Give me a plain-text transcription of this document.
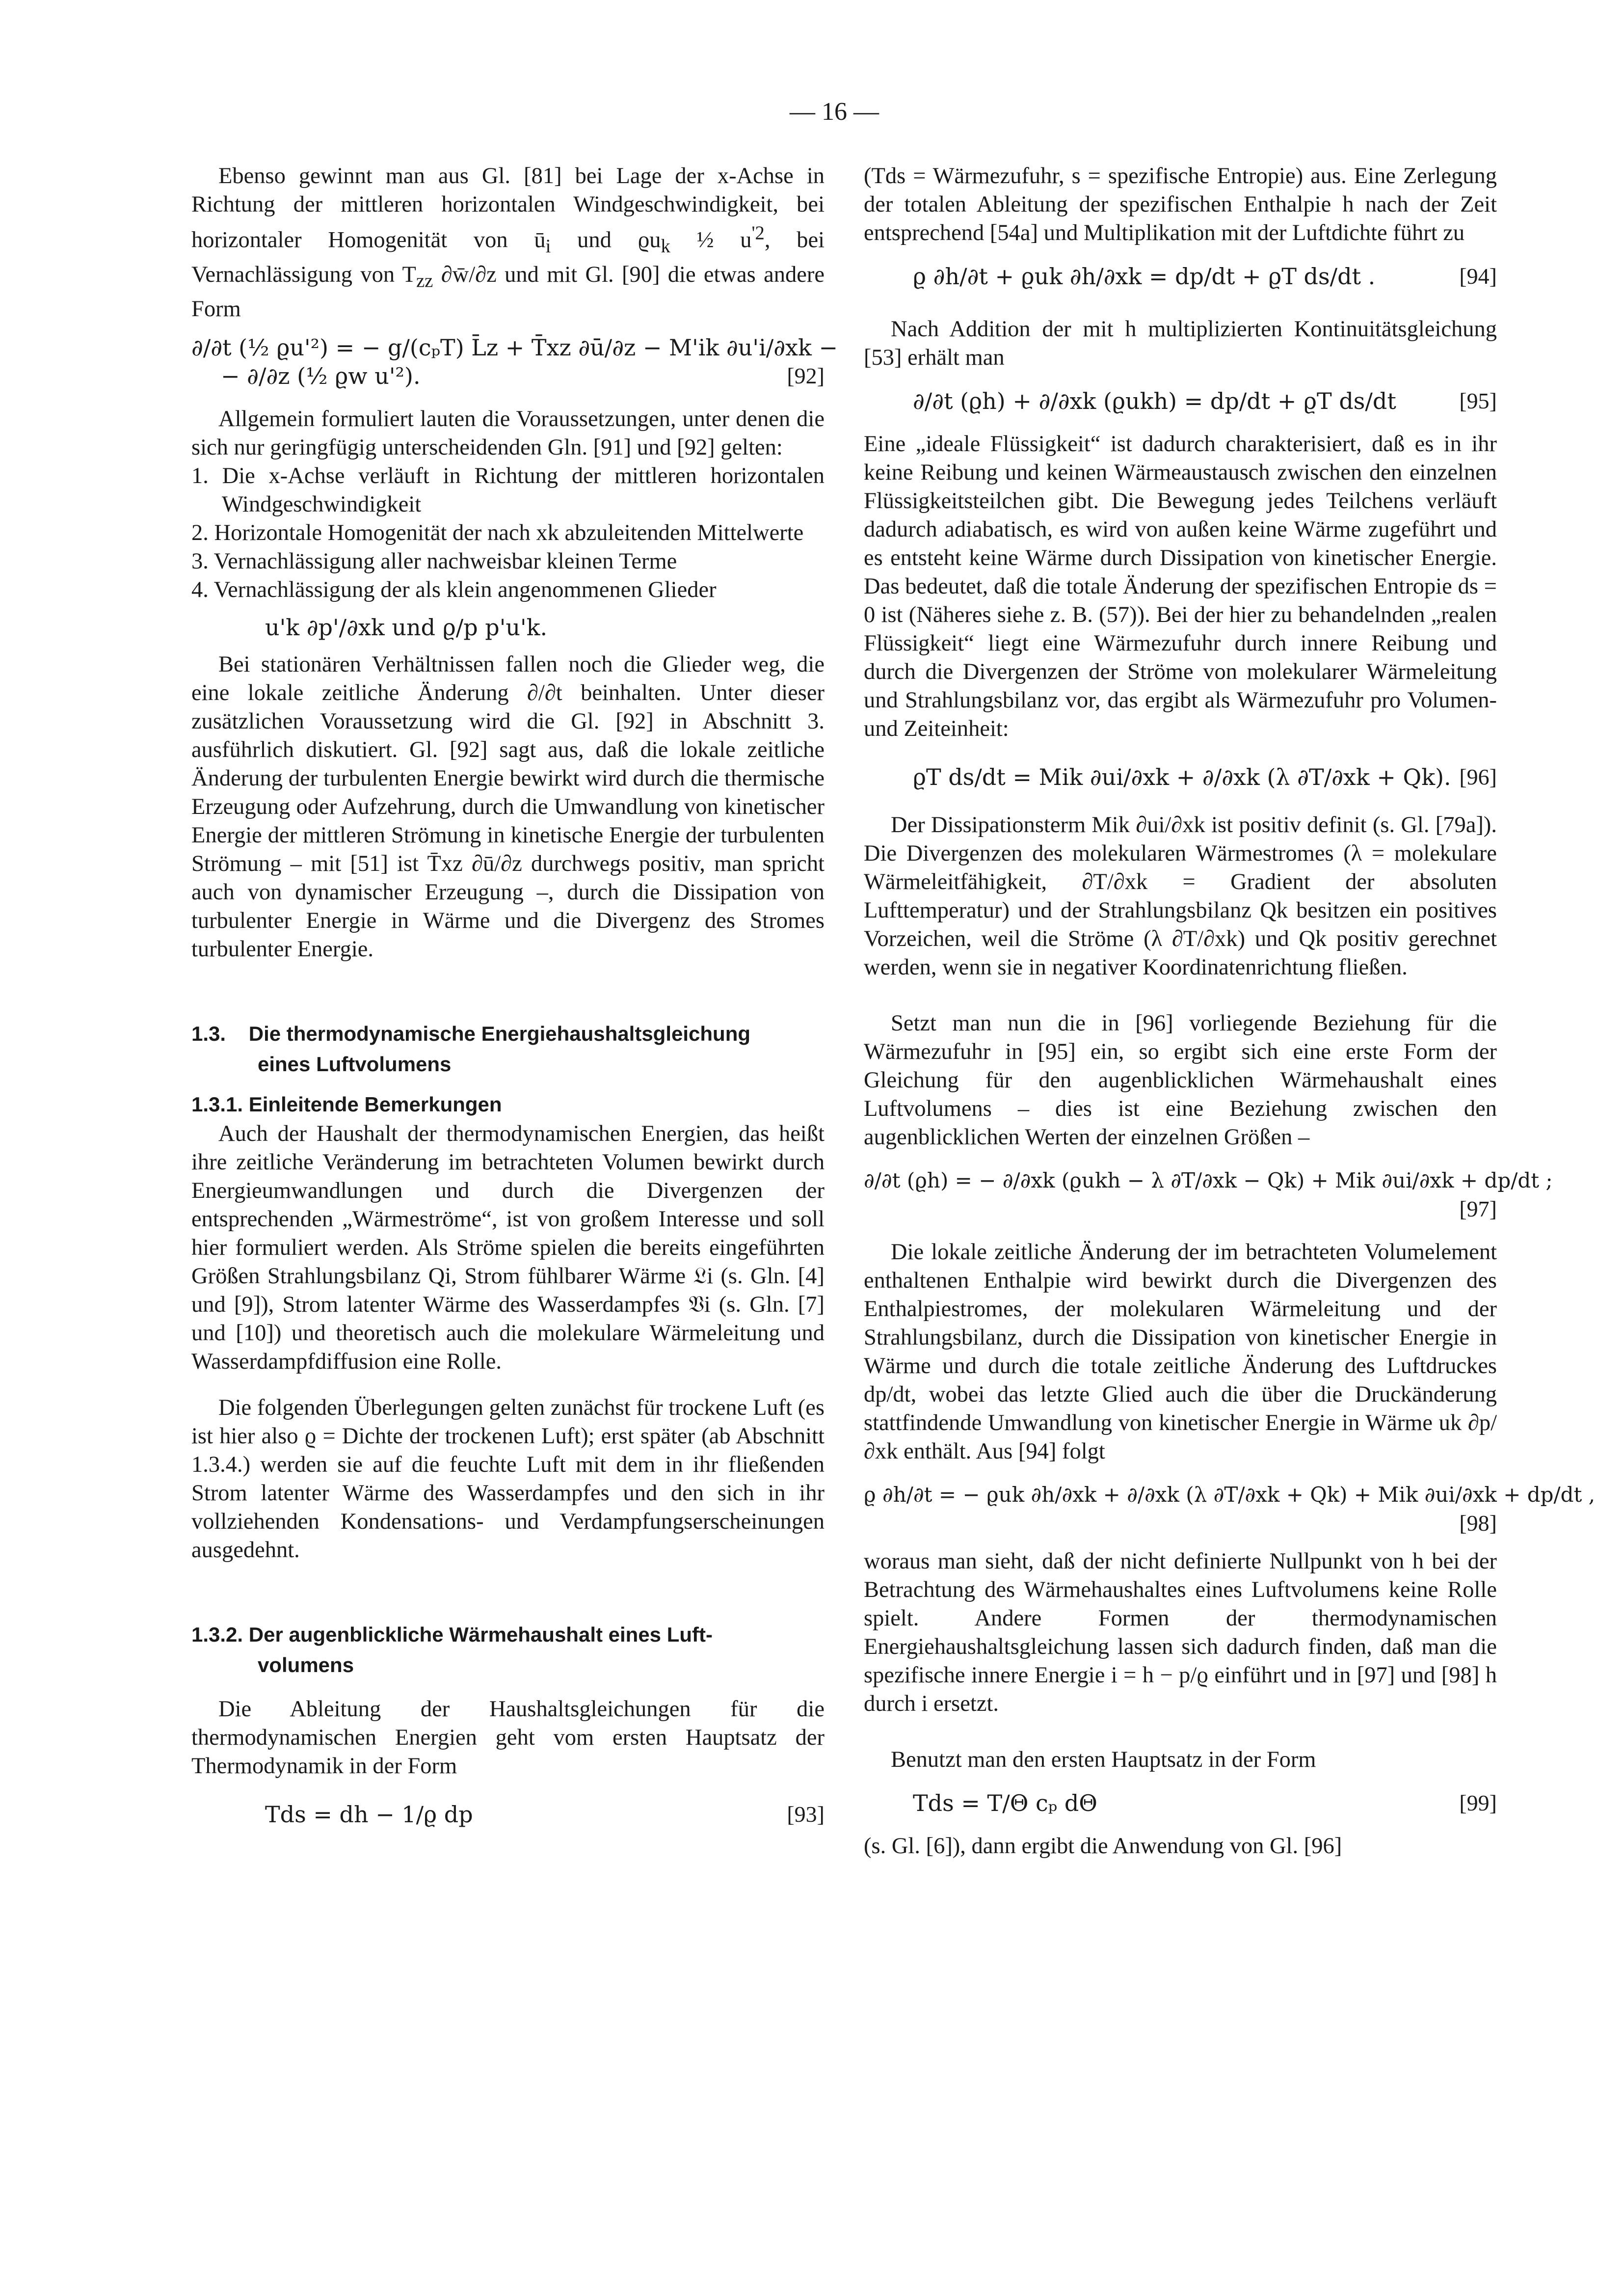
— 16 —

Ebenso gewinnt man aus Gl. [81] bei Lage der x-Achse in Richtung der mittleren horizontalen Windgeschwindigkeit, bei horizontaler Homogenität von $ū_i$ und $ϱu_k$ ½ $u^{'2}$, bei Vernachlässigung von $T_{zz}$ ∂w̄/∂z und mit Gl. [90] die etwas andere Form

∂/∂t (½ ϱu'²) = − g/(cₚT) L̄z + T̄xz ∂ū/∂z − M'ik ∂u'i/∂xk −
− ∂/∂z (½ ϱw u'²).	[92]

Allgemein formuliert lauten die Voraussetzungen, unter denen die sich nur geringfügig unterscheidenden Gln. [91] und [92] gelten:

1. Die x-Achse verläuft in Richtung der mittleren horizontalen Windgeschwindigkeit
2. Horizontale Homogenität der nach xk abzuleitenden Mittelwerte
3. Vernachlässigung aller nachweisbar kleinen Terme
4. Vernachlässigung der als klein angenommenen Glieder
u'k ∂p'/∂xk und ϱ/p p'u'k.

Bei stationären Verhältnissen fallen noch die Glieder weg, die eine lokale zeitliche Änderung ∂/∂t beinhalten. Unter dieser zusätzlichen Voraussetzung wird die Gl. [92] in Abschnitt 3. ausführlich diskutiert. Gl. [92] sagt aus, daß die lokale zeitliche Änderung der turbulenten Energie bewirkt wird durch die thermische Erzeugung oder Aufzehrung, durch die Umwandlung von kinetischer Energie der mittleren Strömung in kinetische Energie der turbulenten Strömung – mit [51] ist T̄xz ∂ū/∂z durchwegs positiv, man spricht auch von dynamischer Erzeugung –, durch die Dissipation von turbulenter Energie in Wärme und die Divergenz des Stromes turbulenter Energie.

1.3. Die thermodynamische Energiehaushaltsgleichung
eines Luftvolumens
1.3.1. Einleitende Bemerkungen

Auch der Haushalt der thermodynamischen Energien, das heißt ihre zeitliche Veränderung im betrachteten Volumen bewirkt durch Energieumwandlungen und durch die Divergenzen der entsprechenden „Wärmeströme“, ist von großem Interesse und soll hier formuliert werden. Als Ströme spielen die bereits eingeführten Größen Strahlungsbilanz Qi, Strom fühlbarer Wärme 𝔏i (s. Gln. [4] und [9]), Strom latenter Wärme des Wasserdampfes 𝔙i (s. Gln. [7] und [10]) und theoretisch auch die molekulare Wärmeleitung und Wasserdampfdiffusion eine Rolle.

Die folgenden Überlegungen gelten zunächst für trockene Luft (es ist hier also ϱ = Dichte der trockenen Luft); erst später (ab Abschnitt 1.3.4.) werden sie auf die feuchte Luft mit dem in ihr fließenden Strom latenter Wärme des Wasserdampfes und den sich in ihr vollziehenden Kondensations- und Verdampfungserscheinungen ausgedehnt.

1.3.2. Der augenblickliche Wärmehaushalt eines Luft-
volumens

Die Ableitung der Haushaltsgleichungen für die thermodynamischen Energien geht vom ersten Hauptsatz der Thermodynamik in der Form

Tds = dh − 1/ϱ dp	[93]

(Tds = Wärmezufuhr, s = spezifische Entropie) aus. Eine Zerlegung der totalen Ableitung der spezifischen Enthalpie h nach der Zeit entsprechend [54a] und Multiplikation mit der Luftdichte führt zu

ϱ ∂h/∂t + ϱuk ∂h/∂xk = dp/dt + ϱT ds/dt .	[94]

Nach Addition der mit h multiplizierten Kontinuitätsgleichung [53] erhält man

∂/∂t (ϱh) + ∂/∂xk (ϱukh) = dp/dt + ϱT ds/dt	[95]

Eine „ideale Flüssigkeit“ ist dadurch charakterisiert, daß es in ihr keine Reibung und keinen Wärmeaustausch zwischen den einzelnen Flüssigkeitsteilchen gibt. Die Bewegung jedes Teilchens verläuft dadurch adiabatisch, es wird von außen keine Wärme zugeführt und es entsteht keine Wärme durch Dissipation von kinetischer Energie. Das bedeutet, daß die totale Änderung der spezifischen Entropie ds = 0 ist (Näheres siehe z. B. (57)). Bei der hier zu behandelnden „realen Flüssigkeit“ liegt eine Wärmezufuhr durch innere Reibung und durch die Divergenzen der Ströme von molekularer Wärmeleitung und Strahlungsbilanz vor, das ergibt als Wärmezufuhr pro Volumen- und Zeiteinheit:

ϱT ds/dt = Mik ∂ui/∂xk + ∂/∂xk (λ ∂T/∂xk + Qk). [96]

Der Dissipationsterm Mik ∂ui/∂xk ist positiv definit (s. Gl. [79a]). Die Divergenzen des molekularen Wärmestromes (λ = molekulare Wärmeleitfähigkeit, ∂T/∂xk = Gradient der absoluten Lufttemperatur) und der Strahlungsbilanz Qk besitzen ein positives Vorzeichen, weil die Ströme (λ ∂T/∂xk) und Qk positiv gerechnet werden, wenn sie in negativer Koordinatenrichtung fließen.

Setzt man nun die in [96] vorliegende Beziehung für die Wärmezufuhr in [95] ein, so ergibt sich eine erste Form der Gleichung für den augenblicklichen Wärmehaushalt eines Luftvolumens – dies ist eine Beziehung zwischen den augenblicklichen Werten der einzelnen Größen –

∂/∂t (ϱh) = − ∂/∂xk (ϱukh − λ ∂T/∂xk − Qk) + Mik ∂ui/∂xk + dp/dt ;
[97]

Die lokale zeitliche Änderung der im betrachteten Volumelement enthaltenen Enthalpie wird bewirkt durch die Divergenzen des Enthalpiestromes, der molekularen Wärmeleitung und der Strahlungsbilanz, durch die Dissipation von kinetischer Energie in Wärme und durch die totale zeitliche Änderung des Luftdruckes dp/dt, wobei das letzte Glied auch die über die Druckänderung stattfindende Umwandlung von kinetischer Energie in Wärme uk ∂p/∂xk enthält. Aus [94] folgt

ϱ ∂h/∂t = − ϱuk ∂h/∂xk + ∂/∂xk (λ ∂T/∂xk + Qk) + Mik ∂ui/∂xk + dp/dt ,
[98]

woraus man sieht, daß der nicht definierte Nullpunkt von h bei der Betrachtung des Wärmehaushaltes eines Luftvolumens keine Rolle spielt. Andere Formen der thermodynamischen Energiehaushaltsgleichung lassen sich dadurch finden, daß man die spezifische innere Energie i = h − p/ϱ einführt und in [97] und [98] h durch i ersetzt.

Benutzt man den ersten Hauptsatz in der Form

Tds = T/Θ cₚ dΘ	[99]

(s. Gl. [6]), dann ergibt die Anwendung von Gl. [96]
